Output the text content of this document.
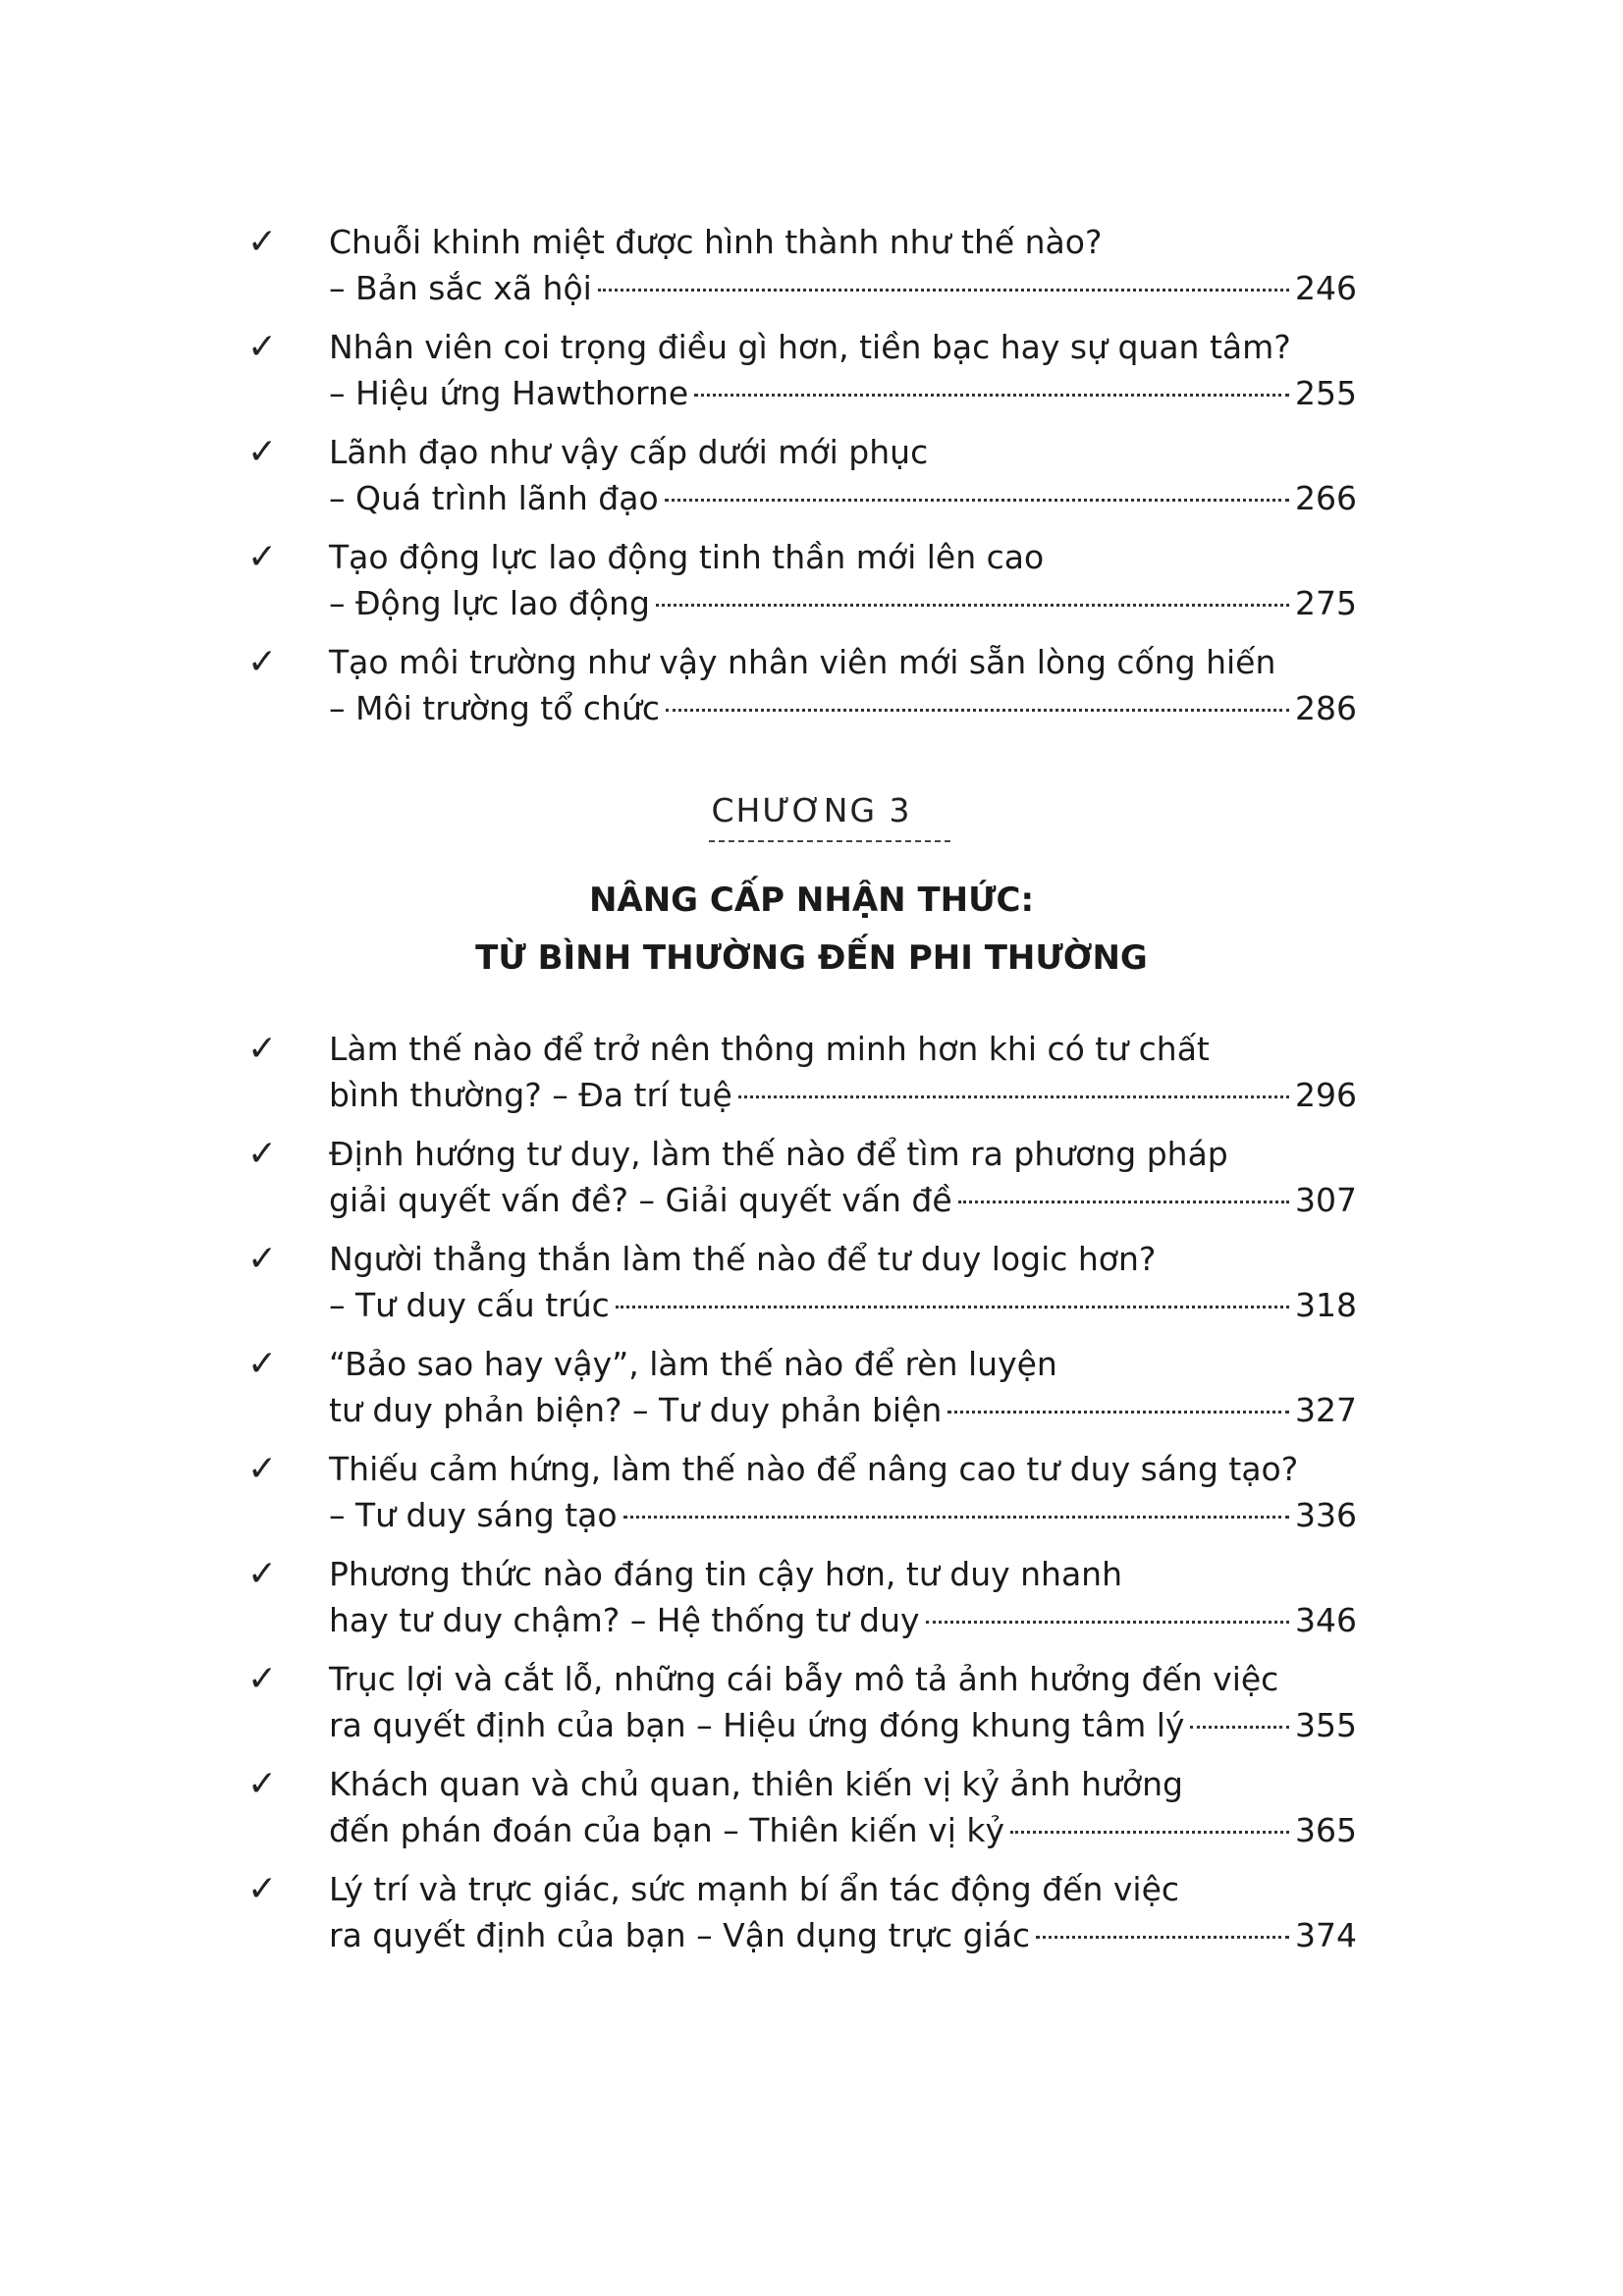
✓ Chuỗi khinh miệt được hình thành như thế nào?
– Bản sắc xã hội	246
✓ Nhân viên coi trọng điều gì hơn, tiền bạc hay sự quan tâm?
– Hiệu ứng Hawthorne	255
✓ Lãnh đạo như vậy cấp dưới mới phục
– Quá trình lãnh đạo	266
✓ Tạo động lực lao động tinh thần mới lên cao
– Động lực lao động	275
✓ Tạo môi trường như vậy nhân viên mới sẵn lòng cống hiến
– Môi trường tổ chức	286
CHƯƠNG 3
NÂNG CẤP NHẬN THỨC:
TỪ BÌNH THƯỜNG ĐẾN PHI THƯỜNG
✓ Làm thế nào để trở nên thông minh hơn khi có tư chất
bình thường? – Đa trí tuệ	296
✓ Định hướng tư duy, làm thế nào để tìm ra phương pháp
giải quyết vấn đề? – Giải quyết vấn đề	307
✓ Người thẳng thắn làm thế nào để tư duy logic hơn?
– Tư duy cấu trúc	318
✓ “Bảo sao hay vậy”, làm thế nào để rèn luyện
tư duy phản biện? – Tư duy phản biện	327
✓ Thiếu cảm hứng, làm thế nào để nâng cao tư duy sáng tạo?
– Tư duy sáng tạo	336
✓ Phương thức nào đáng tin cậy hơn, tư duy nhanh
hay tư duy chậm? – Hệ thống tư duy	346
✓ Trục lợi và cắt lỗ, những cái bẫy mô tả ảnh hưởng đến việc
ra quyết định của bạn – Hiệu ứng đóng khung tâm lý	355
✓ Khách quan và chủ quan, thiên kiến vị kỷ ảnh hưởng
đến phán đoán của bạn – Thiên kiến vị kỷ	365
✓ Lý trí và trực giác, sức mạnh bí ẩn tác động đến việc
ra quyết định của bạn – Vận dụng trực giác	374
